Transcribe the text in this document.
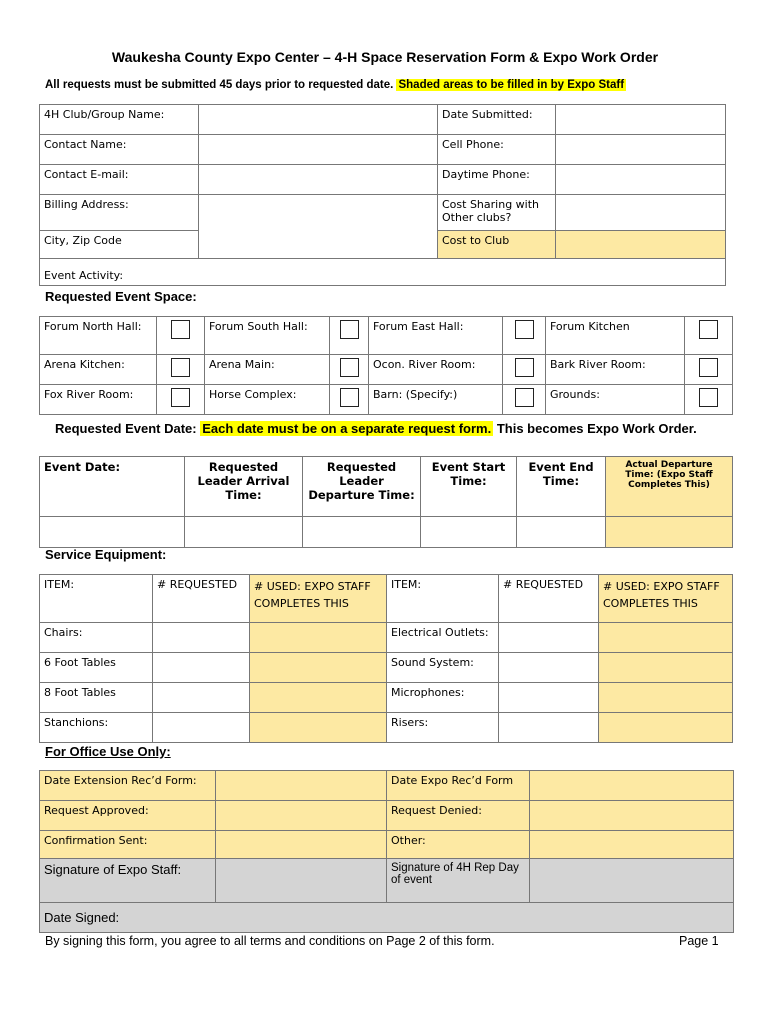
Waukesha County Expo Center – 4-H Space Reservation Form & Expo Work Order
All requests must be submitted 45 days prior to requested date. Shaded areas to be filled in by Expo Staff
4H Club/Group Name:		Date Submitted:	
Contact Name:		Cell Phone:	
Contact E-mail:		Daytime Phone:	
Billing Address:		Cost Sharing with Other clubs?	
City, Zip Code		Cost to Club	
Event Activity:			
Requested Event Space:
Forum North Hall:		Forum South Hall:		Forum East Hall:		Forum Kitchen	
Arena Kitchen:		Arena Main:		Ocon. River Room:		Bark River Room:	
Fox River Room:		Horse Complex:		Barn: (Specify:)		Grounds:	
Requested Event Date: Each date must be on a separate request form. This becomes Expo Work Order.
Event Date:	Requested Leader Arrival Time:	Requested Leader Departure Time:	Event Start Time:	Event End Time:	Actual Departure Time: (Expo Staff Completes This)

Service Equipment:
ITEM:	# REQUESTED	# USED: EXPO STAFF COMPLETES THIS	ITEM:	# REQUESTED	# USED: EXPO STAFF COMPLETES THIS
Chairs:			Electrical Outlets:		
6 Foot Tables			Sound System:		
8 Foot Tables			Microphones:		
Stanchions:			Risers:		
For Office Use Only:
Date Extension Rec’d Form:		Date Expo Rec’d Form	
Request Approved:		Request Denied:	
Confirmation Sent:		Other:	
Signature of Expo Staff:		Signature of 4H Rep Day of event	
Date Signed:			
By signing this form, you agree to all terms and conditions on Page 2 of this form.	Page 1
